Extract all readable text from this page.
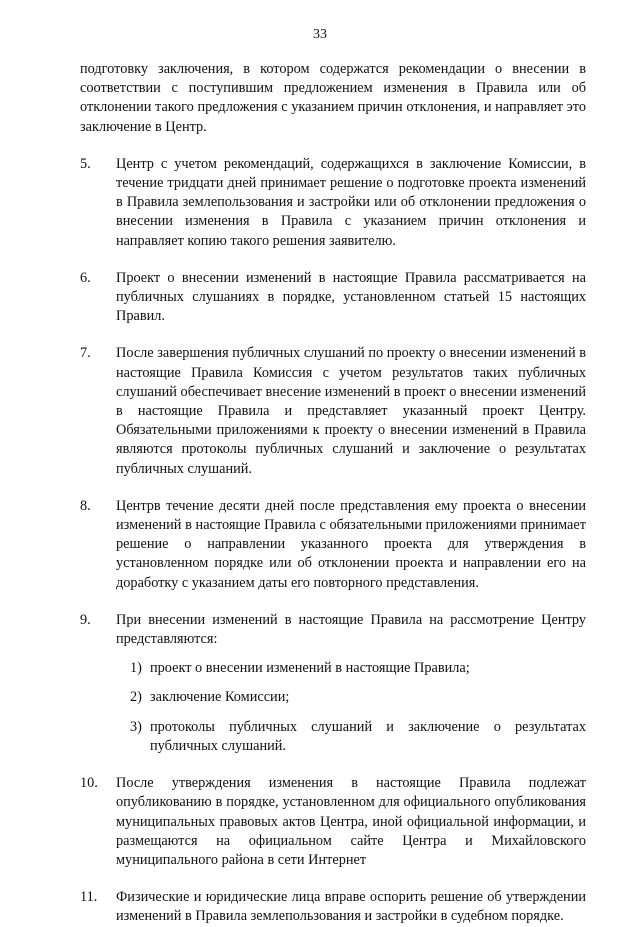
33

подготовку заключения, в котором содержатся рекомендации о внесении в соответствии с поступившим предложением изменения в Правила или об отклонении такого предложения с указанием причин отклонения, и направляет это заключение в Центр.

5.	Центр с учетом рекомендаций, содержащихся в заключение Комиссии, в течение тридцати дней принимает решение о подготовке проекта изменений в Правила землепользования и застройки или об отклонении предложения о внесении изменения в Правила с указанием причин отклонения и направляет копию такого решения заявителю.
6.	Проект о внесении изменений в настоящие Правила рассматривается на публичных слушаниях в порядке, установленном статьей 15 настоящих Правил.
7.	После завершения публичных слушаний по проекту о внесении изменений в настоящие Правила Комиссия с учетом результатов таких публичных слушаний обеспечивает внесение изменений в проект о внесении изменений в настоящие Правила и представляет указанный проект Центру. Обязательными приложениями к проекту о внесении изменений в Правила являются протоколы публичных слушаний и заключение о результатах публичных слушаний.
8.	Центрв течение десяти дней после представления ему проекта о внесении изменений в настоящие Правила с обязательными приложениями принимает решение о направлении указанного проекта для утверждения в установленном порядке или об отклонении проекта и направлении его на доработку с указанием даты его повторного представления.
9.	При внесении изменений в настоящие Правила на рассмотрение Центру представляются:
1) проект о внесении изменений в настоящие Правила;
2) заключение Комиссии;
3) протоколы публичных слушаний и заключение о результатах публичных слушаний.
10.	После утверждения изменения в настоящие Правила подлежат опубликованию в порядке, установленном для официального опубликования муниципальных правовых актов Центра, иной официальной информации, и размещаются на официальном сайте Центра и Михайловского муниципального района в сети Интернет
11.	Физические и юридические лица вправе оспорить решение об утверждении изменений в Правила землепользования и застройки в судебном порядке.
